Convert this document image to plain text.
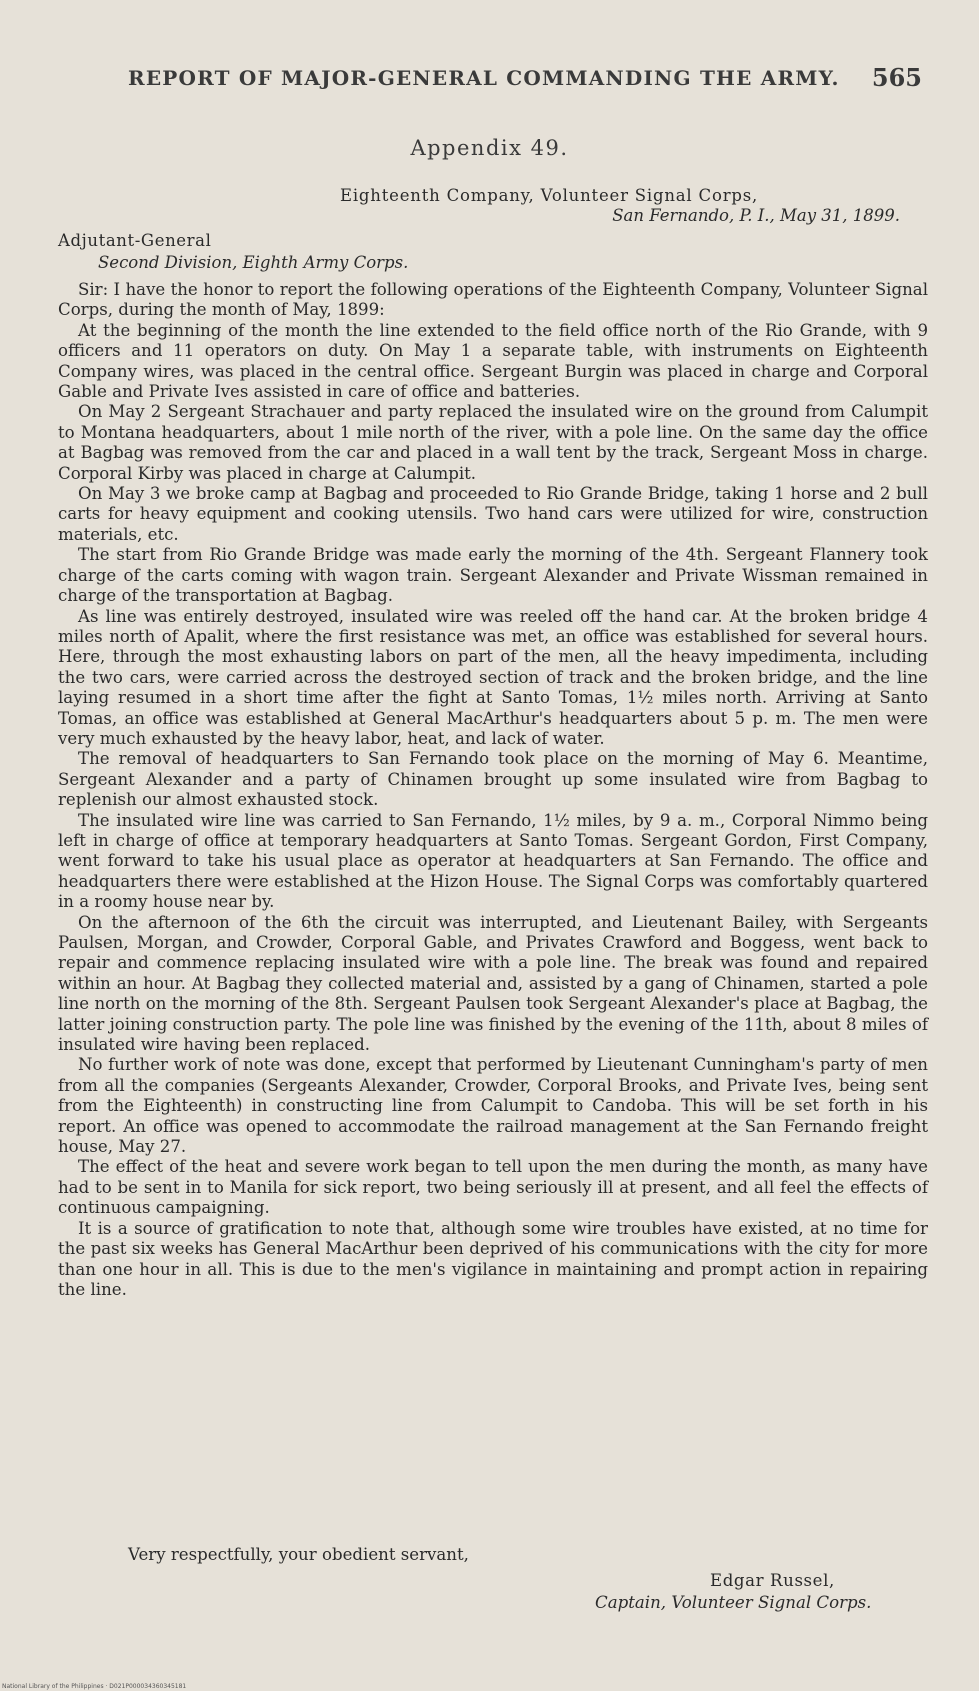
REPORT OF MAJOR-GENERAL COMMANDING THE ARMY. 565
Appendix 49.
Eighteenth Company, Volunteer Signal Corps,
San Fernando, P. I., May 31, 1899.
Adjutant-General
Second Division, Eighth Army Corps.

Sir: I have the honor to report the following operations of the Eighteenth Company, Volunteer Signal Corps, during the month of May, 1899:

At the beginning of the month the line extended to the field office north of the Rio Grande, with 9 officers and 11 operators on duty. On May 1 a separate table, with instruments on Eighteenth Company wires, was placed in the central office. Sergeant Burgin was placed in charge and Corporal Gable and Private Ives assisted in care of office and batteries.

On May 2 Sergeant Strachauer and party replaced the insulated wire on the ground from Calumpit to Montana headquarters, about 1 mile north of the river, with a pole line. On the same day the office at Bagbag was removed from the car and placed in a wall tent by the track, Sergeant Moss in charge. Corporal Kirby was placed in charge at Calumpit.

On May 3 we broke camp at Bagbag and proceeded to Rio Grande Bridge, taking 1 horse and 2 bull carts for heavy equipment and cooking utensils. Two hand cars were utilized for wire, construction materials, etc.

The start from Rio Grande Bridge was made early the morning of the 4th. Sergeant Flannery took charge of the carts coming with wagon train. Sergeant Alexander and Private Wissman remained in charge of the transportation at Bagbag.

As line was entirely destroyed, insulated wire was reeled off the hand car. At the broken bridge 4 miles north of Apalit, where the first resistance was met, an office was established for several hours. Here, through the most exhausting labors on part of the men, all the heavy impedimenta, including the two cars, were carried across the destroyed section of track and the broken bridge, and the line laying resumed in a short time after the fight at Santo Tomas, 1½ miles north. Arriving at Santo Tomas, an office was established at General MacArthur's headquarters about 5 p. m. The men were very much exhausted by the heavy labor, heat, and lack of water.

The removal of headquarters to San Fernando took place on the morning of May 6. Meantime, Sergeant Alexander and a party of Chinamen brought up some insulated wire from Bagbag to replenish our almost exhausted stock.

The insulated wire line was carried to San Fernando, 1½ miles, by 9 a. m., Corporal Nimmo being left in charge of office at temporary headquarters at Santo Tomas. Sergeant Gordon, First Company, went forward to take his usual place as operator at headquarters at San Fernando. The office and headquarters there were established at the Hizon House. The Signal Corps was comfortably quartered in a roomy house near by.

On the afternoon of the 6th the circuit was interrupted, and Lieutenant Bailey, with Sergeants Paulsen, Morgan, and Crowder, Corporal Gable, and Privates Crawford and Boggess, went back to repair and commence replacing insulated wire with a pole line. The break was found and repaired within an hour. At Bagbag they collected material and, assisted by a gang of Chinamen, started a pole line north on the morning of the 8th. Sergeant Paulsen took Sergeant Alexander's place at Bagbag, the latter joining construction party. The pole line was finished by the evening of the 11th, about 8 miles of insulated wire having been replaced.

No further work of note was done, except that performed by Lieutenant Cunningham's party of men from all the companies (Sergeants Alexander, Crowder, Corporal Brooks, and Private Ives, being sent from the Eighteenth) in constructing line from Calumpit to Candoba. This will be set forth in his report. An office was opened to accommodate the railroad management at the San Fernando freight house, May 27.

The effect of the heat and severe work began to tell upon the men during the month, as many have had to be sent in to Manila for sick report, two being seriously ill at present, and all feel the effects of continuous campaigning.

It is a source of gratification to note that, although some wire troubles have existed, at no time for the past six weeks has General MacArthur been deprived of his communications with the city for more than one hour in all. This is due to the men's vigilance in maintaining and prompt action in repairing the line.

Very respectfully, your obedient servant,
Edgar Russel,
Captain, Volunteer Signal Corps.
National Library of the Philippines · D021P000034360345181
